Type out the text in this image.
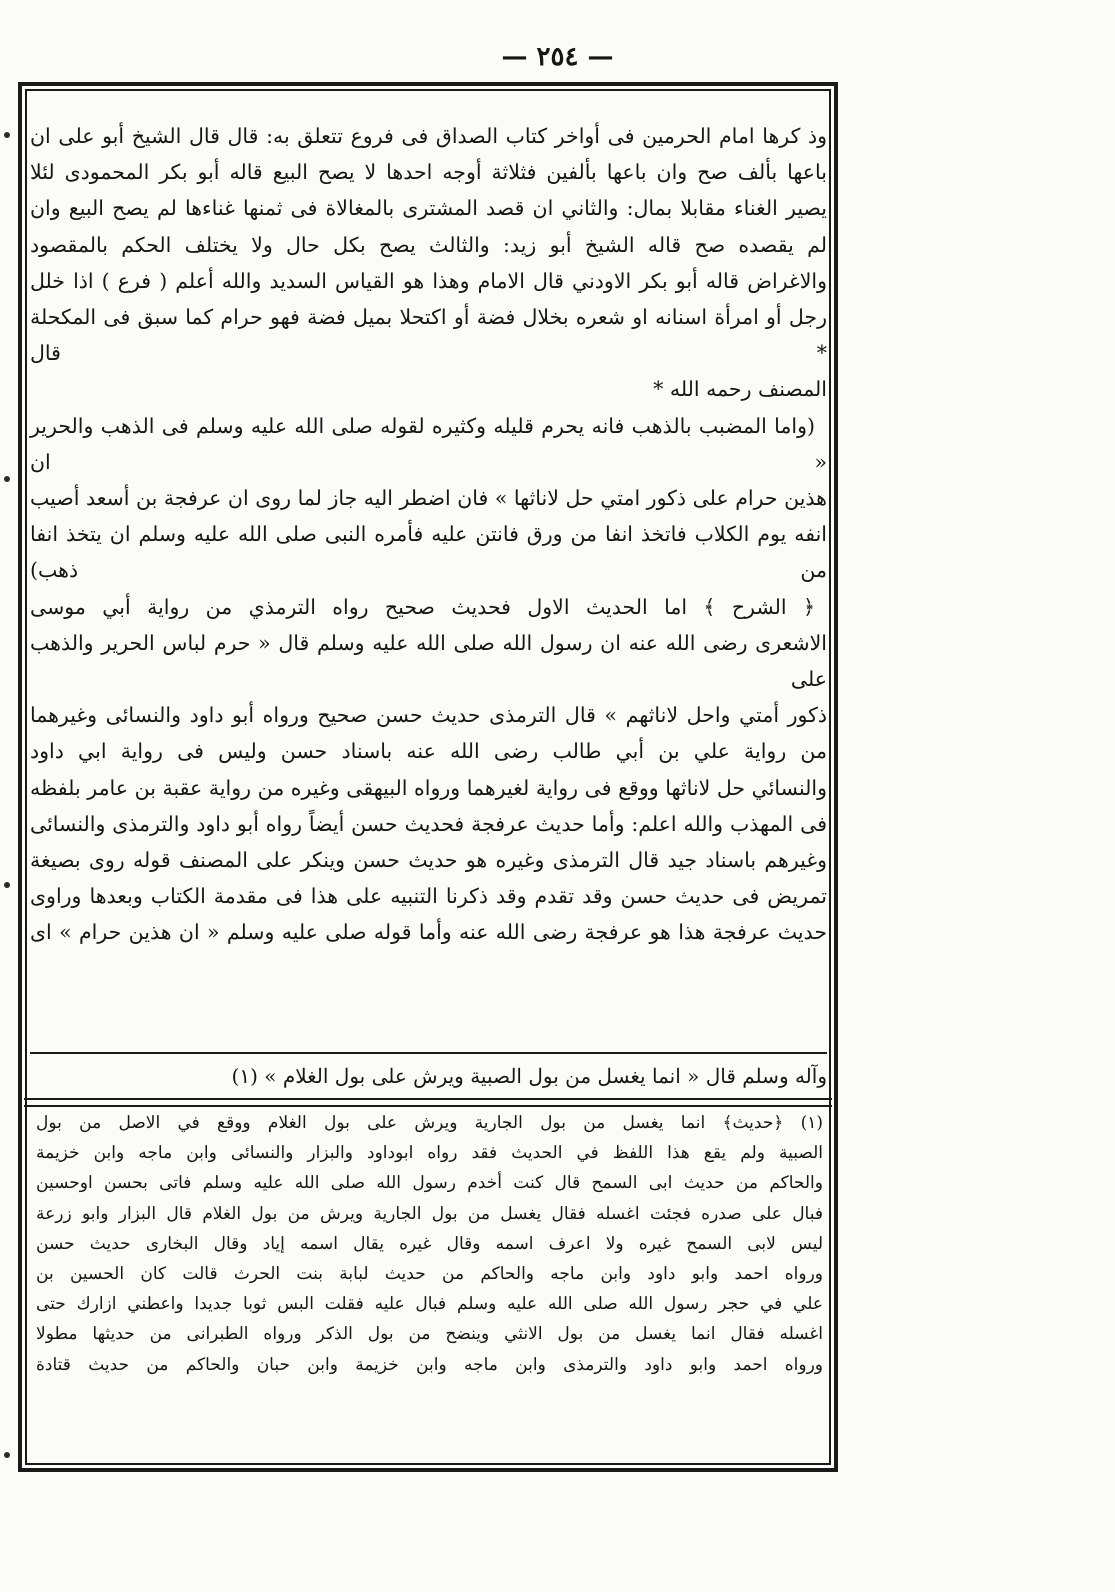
— ٢٥٤ —

وذ كرها امام الحرمين فى أواخر كتاب الصداق فى فروع تتعلق به: قال قال الشيخ أبو على ان

باعها بألف صح وان باعها بألفين فثلاثة أوجه احدها لا يصح البيع قاله أبو بكر المحمودى لئلا

يصير الغناء مقابلا بمال: والثاني ان قصد المشترى بالمغالاة فى ثمنها غناءها لم يصح البيع وان

لم يقصده صح قاله الشيخ أبو زيد: والثالث يصح بكل حال ولا يختلف الحكم بالمقصود

والاغراض قاله أبو بكر الاودني قال الامام وهذا هو القياس السديد والله أعلم ( فرع ) اذا خلل

رجل أو امرأة اسنانه او شعره بخلال فضة أو اكتحلا بميل فضة فهو حرام كما سبق فى المكحلة * قال

المصنف رحمه الله *

(واما المضبب بالذهب فانه يحرم قليله وكثيره لقوله صلى الله عليه وسلم فى الذهب والحرير « ان

هذين حرام على ذكور امتي حل لاناثها » فان اضطر اليه جاز لما روى ان عرفجة بن أسعد أصيب

انفه يوم الكلاب فاتخذ انفا من ورق فانتن عليه فأمره النبى صلى الله عليه وسلم ان يتخذ انفا من ذهب)

﴿ الشرح ﴾ اما الحديث الاول فحديث صحيح رواه الترمذي من رواية أبي موسى

الاشعرى رضى الله عنه ان رسول الله صلى الله عليه وسلم قال « حرم لباس الحرير والذهب على

ذكور أمتي واحل لاناثهم » قال الترمذى حديث حسن صحيح ورواه أبو داود والنسائى وغيرهما

من رواية علي بن أبي طالب رضى الله عنه باسناد حسن وليس فى رواية ابي داود

والنسائي حل لاناثها ووقع فى رواية لغيرهما ورواه البيهقى وغيره من رواية عقبة بن عامر بلفظه

فى المهذب والله اعلم: وأما حديث عرفجة فحديث حسن أيضاً رواه أبو داود والترمذى والنسائى

وغيرهم باسناد جيد قال الترمذى وغيره هو حديث حسن وينكر على المصنف قوله روى بصيغة

تمريض فى حديث حسن وقد تقدم وقد ذكرنا التنبيه على هذا فى مقدمة الكتاب وبعدها وراوى

حديث عرفجة هذا هو عرفجة رضى الله عنه وأما قوله صلى عليه وسلم « ان هذين حرام » اى

وآله وسلم قال « انما يغسل من بول الصبية ويرش على بول الغلام » (١)

(١) ﴿حديث﴾ انما يغسل من بول الجارية ويرش على بول الغلام ووقع في الاصل من بول

الصبية ولم يقع هذا اللفظ في الحديث فقد رواه ابوداود والبزار والنسائى وابن ماجه وابن خزيمة

والحاكم من حديث ابى السمح قال كنت أخدم رسول الله صلى الله عليه وسلم فاتى بحسن اوحسين

فبال على صدره فجئت اغسله فقال يغسل من بول الجارية ويرش من بول الغلام قال البزار وابو زرعة

ليس لابى السمح غيره ولا اعرف اسمه وقال غيره يقال اسمه إياد وقال البخارى حديث حسن

ورواه احمد وابو داود وابن ماجه والحاكم من حديث لبابة بنت الحرث قالت كان الحسين بن

علي في حجر رسول الله صلى الله عليه وسلم فبال عليه فقلت البس ثوبا جديدا واعطني ازارك حتى

اغسله فقال انما يغسل من بول الانثي وينضح من بول الذكر ورواه الطبرانى من حديثها مطولا

ورواه احمد وابو داود والترمذى وابن ماجه وابن خزيمة وابن حبان والحاكم من حديث قتادة
